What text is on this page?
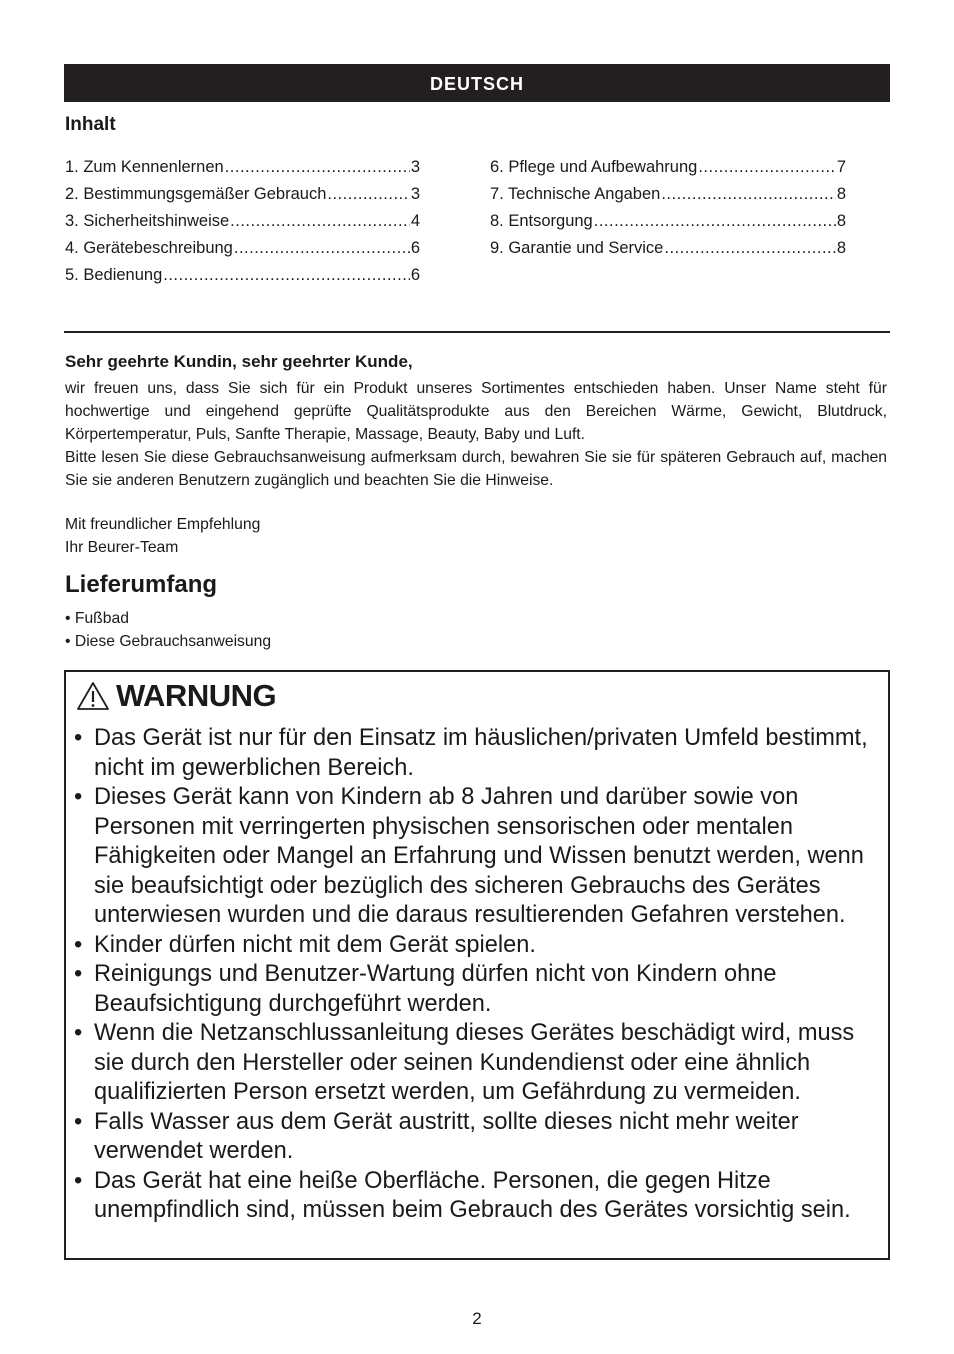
DEUTSCH
Inhalt
1. Zum Kennenlernen .....	3
2. Bestimmungsgemäßer Gebrauch .....	3
3. Sicherheitshinweise .....	4
4. Gerätebeschreibung .....	6
5. Bedienung .....	6
6. Pflege und Aufbewahrung .....	7
7. Technische Angaben .....	8
8. Entsorgung .....	8
9. Garantie und Service .....	8
Sehr geehrte Kundin, sehr geehrter Kunde,

wir freuen uns, dass Sie sich für ein Produkt unseres Sortimentes entschieden haben. Unser Name steht für hochwertige und eingehend geprüfte Qualitätsprodukte aus den Bereichen Wärme, Gewicht, Blutdruck, Körpertemperatur, Puls, Sanfte Therapie, Massage, Beauty, Baby und Luft.

Bitte lesen Sie diese Gebrauchsanweisung aufmerksam durch, bewahren Sie sie für späteren Gebrauch auf, machen Sie sie anderen Benutzern zugänglich und beachten Sie die Hinweise.

Mit freundlicher Empfehlung
Ihr Beurer-Team
Lieferumfang
• Fußbad
• Diese Gebrauchsanweisung
WARNUNG
• Das Gerät ist nur für den Einsatz im häuslichen/privaten Umfeld bestimmt, nicht im gewerblichen Bereich.
• Dieses Gerät kann von Kindern ab 8 Jahren und darüber sowie von Personen mit verringerten physischen sensorischen oder mentalen Fähigkeiten oder Mangel an Erfahrung und Wissen benutzt werden, wenn sie beaufsichtigt oder bezüglich des sicheren Gebrauchs des Gerätes unterwiesen wurden und die daraus resultierenden Gefahren verstehen.
• Kinder dürfen nicht mit dem Gerät spielen.
• Reinigungs und Benutzer-Wartung dürfen nicht von Kindern ohne Beaufsichtigung durchgeführt werden.
• Wenn die Netzanschlussanleitung dieses Gerätes beschädigt wird, muss sie durch den Hersteller oder seinen Kundendienst oder eine ähnlich qualifizierten Person ersetzt werden, um Gefährdung zu vermeiden.
• Falls Wasser aus dem Gerät austritt, sollte dieses nicht mehr weiter verwendet werden.
• Das Gerät hat eine heiße Oberfläche. Personen, die gegen Hitze unempfindlich sind, müssen beim Gebrauch des Gerätes vorsichtig sein.
2
